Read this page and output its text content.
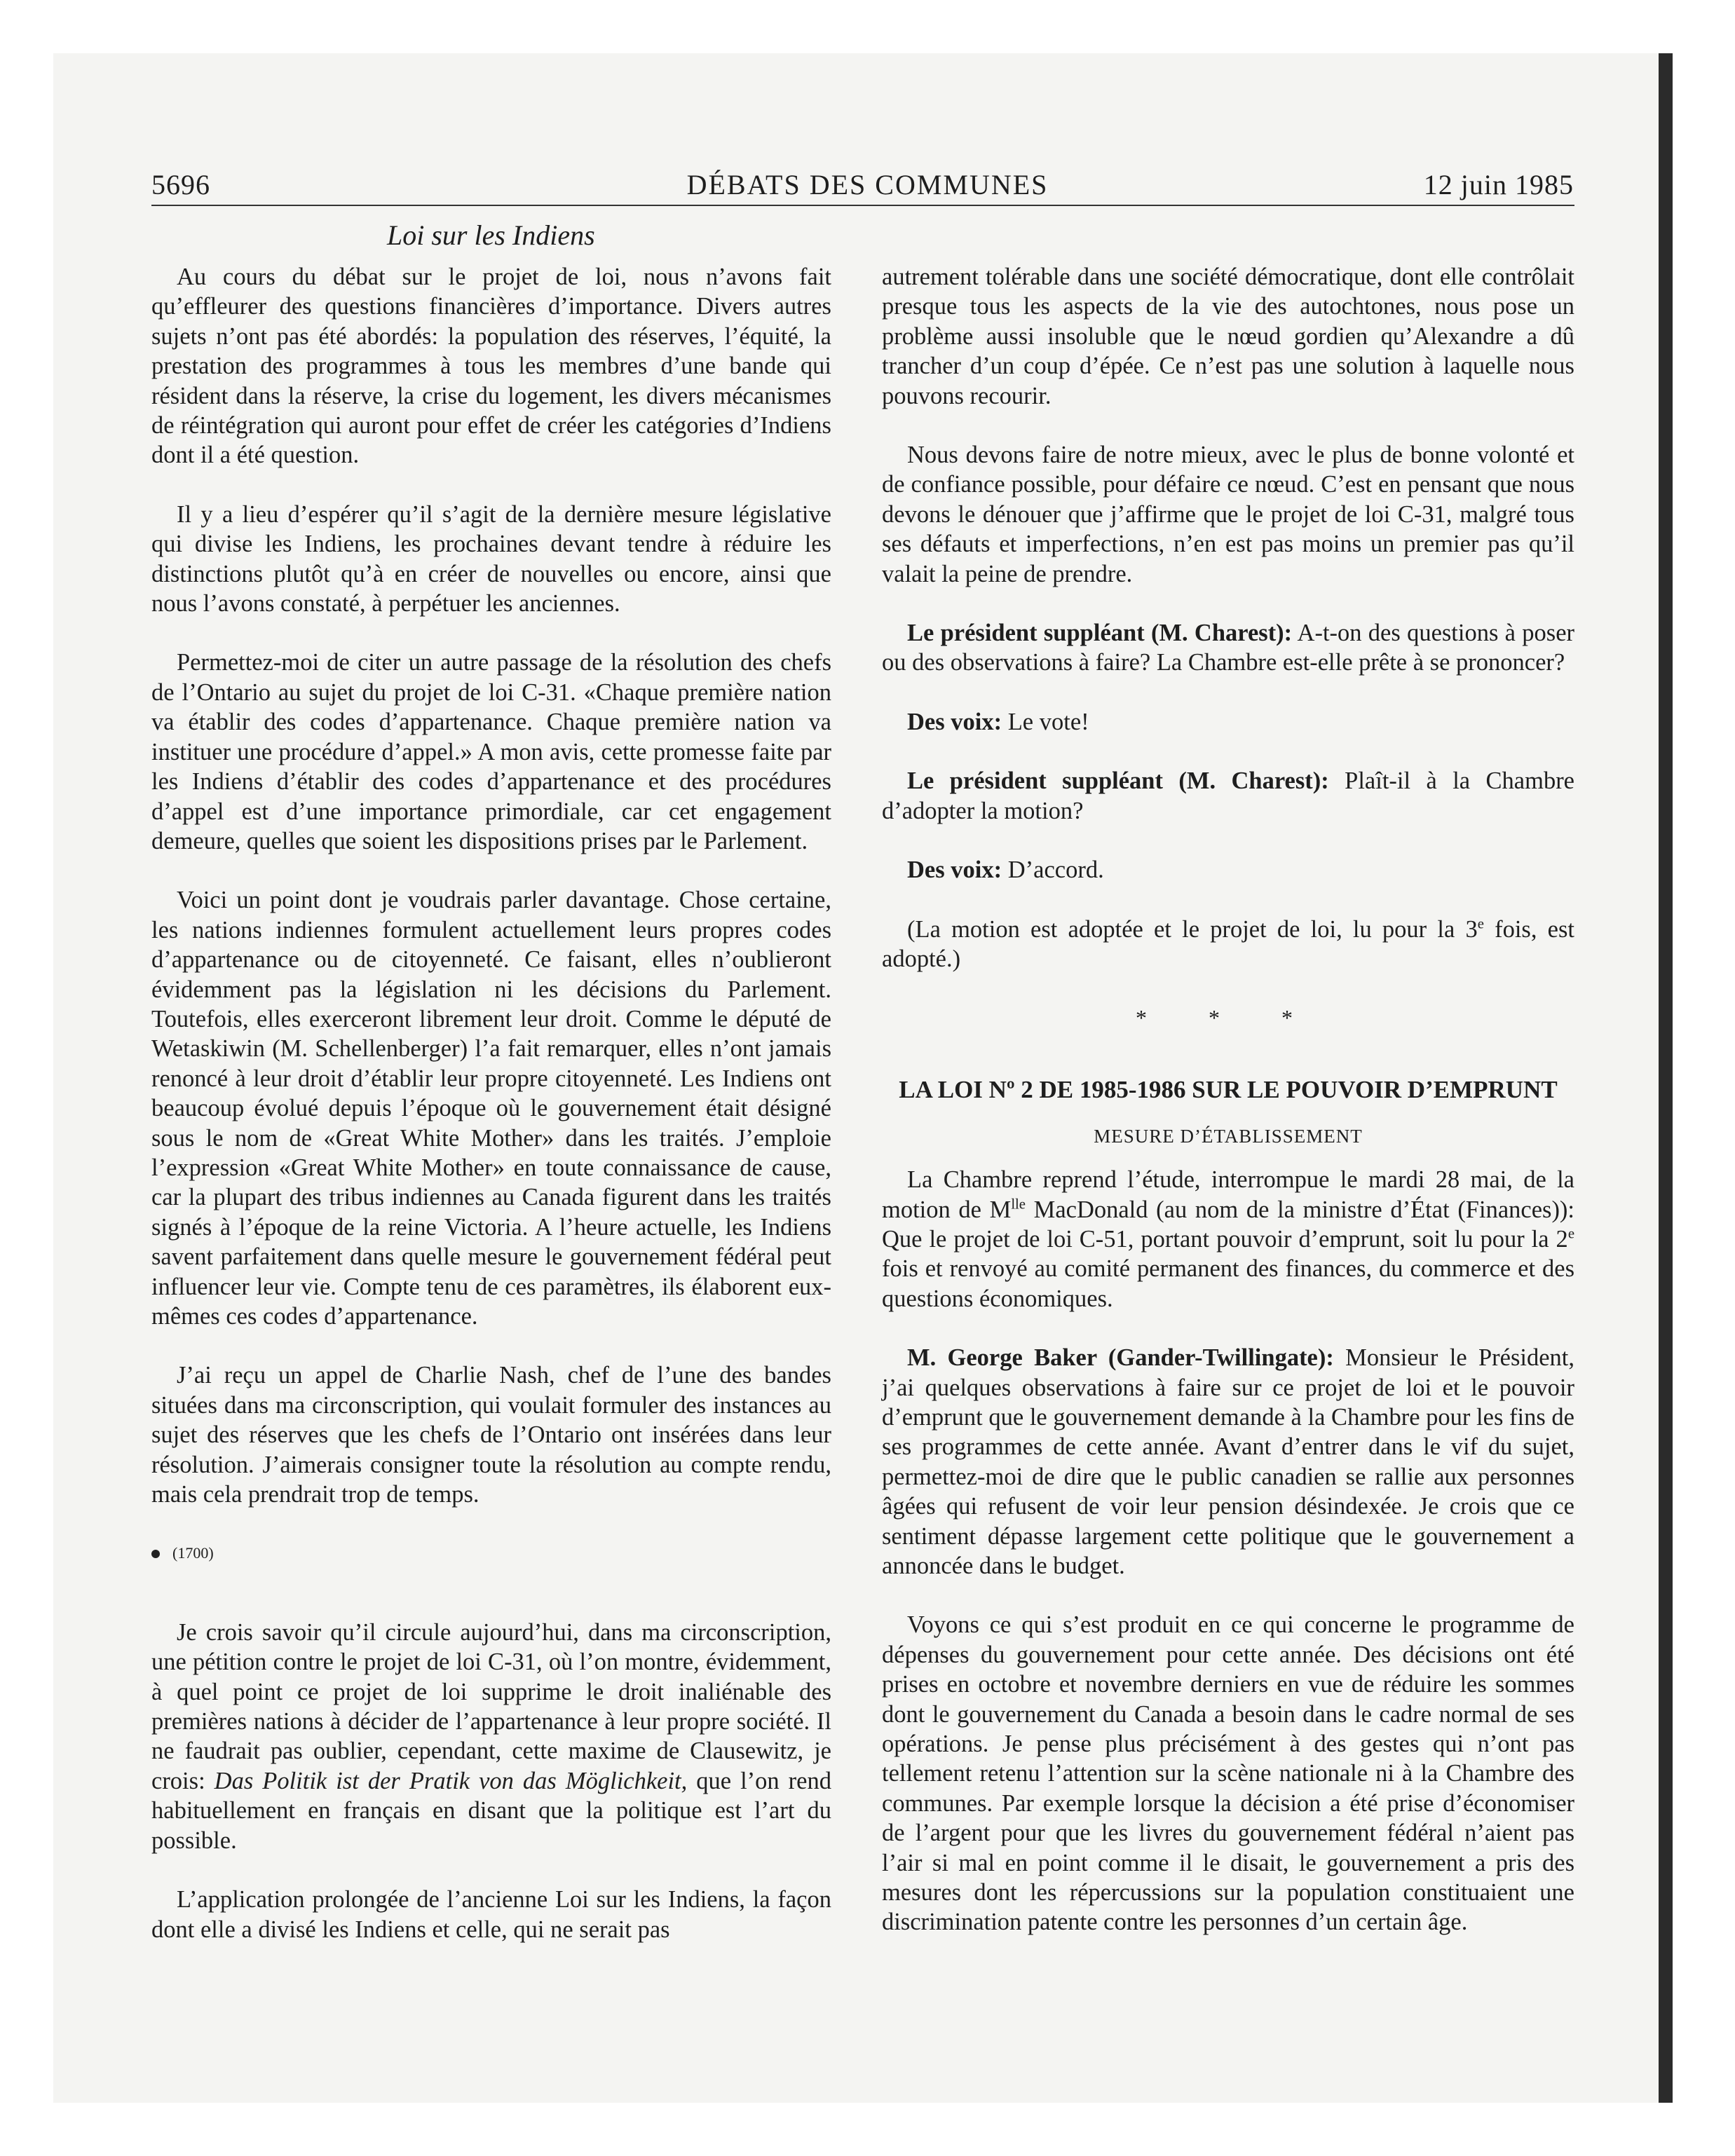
5696	DÉBATS DES COMMUNES	12 juin 1985
Loi sur les Indiens

Au cours du débat sur le projet de loi, nous n’avons fait qu’effleurer des questions financières d’importance. Divers autres sujets n’ont pas été abordés: la population des réserves, l’équité, la prestation des programmes à tous les membres d’une bande qui résident dans la réserve, la crise du logement, les divers mécanismes de réintégration qui auront pour effet de créer les catégories d’Indiens dont il a été question.

Il y a lieu d’espérer qu’il s’agit de la dernière mesure législative qui divise les Indiens, les prochaines devant tendre à réduire les distinctions plutôt qu’à en créer de nouvelles ou encore, ainsi que nous l’avons constaté, à perpétuer les anciennes.

Permettez-moi de citer un autre passage de la résolution des chefs de l’Ontario au sujet du projet de loi C-31. «Chaque première nation va établir des codes d’appartenance. Chaque première nation va instituer une procédure d’appel.» A mon avis, cette promesse faite par les Indiens d’établir des codes d’appartenance et des procédures d’appel est d’une importance primordiale, car cet engagement demeure, quelles que soient les dispositions prises par le Parlement.

Voici un point dont je voudrais parler davantage. Chose certaine, les nations indiennes formulent actuellement leurs propres codes d’appartenance ou de citoyenneté. Ce faisant, elles n’oublieront évidemment pas la législation ni les décisions du Parlement. Toutefois, elles exerceront librement leur droit. Comme le député de Wetaskiwin (M. Schellenberger) l’a fait remarquer, elles n’ont jamais renoncé à leur droit d’établir leur propre citoyenneté. Les Indiens ont beaucoup évolué depuis l’époque où le gouvernement était désigné sous le nom de «Great White Mother» dans les traités. J’emploie l’expression «Great White Mother» en toute connaissance de cause, car la plupart des tribus indiennes au Canada figurent dans les traités signés à l’époque de la reine Victoria. A l’heure actuelle, les Indiens savent parfaitement dans quelle mesure le gouvernement fédéral peut influencer leur vie. Compte tenu de ces paramètres, ils élaborent eux-mêmes ces codes d’appartenance.

J’ai reçu un appel de Charlie Nash, chef de l’une des bandes situées dans ma circonscription, qui voulait formuler des instances au sujet des réserves que les chefs de l’Ontario ont insérées dans leur résolution. J’aimerais consigner toute la résolution au compte rendu, mais cela prendrait trop de temps.

(1700)

Je crois savoir qu’il circule aujourd’hui, dans ma circonscription, une pétition contre le projet de loi C-31, où l’on montre, évidemment, à quel point ce projet de loi supprime le droit inaliénable des premières nations à décider de l’appartenance à leur propre société. Il ne faudrait pas oublier, cependant, cette maxime de Clausewitz, je crois: Das Politik ist der Pratik von das Möglichkeit, que l’on rend habituellement en français en disant que la politique est l’art du possible.

L’application prolongée de l’ancienne Loi sur les Indiens, la façon dont elle a divisé les Indiens et celle, qui ne serait pas

autrement tolérable dans une société démocratique, dont elle contrôlait presque tous les aspects de la vie des autochtones, nous pose un problème aussi insoluble que le nœud gordien qu’Alexandre a dû trancher d’un coup d’épée. Ce n’est pas une solution à laquelle nous pouvons recourir.

Nous devons faire de notre mieux, avec le plus de bonne volonté et de confiance possible, pour défaire ce nœud. C’est en pensant que nous devons le dénouer que j’affirme que le projet de loi C-31, malgré tous ses défauts et imperfections, n’en est pas moins un premier pas qu’il valait la peine de prendre.

Le président suppléant (M. Charest): A-t-on des questions à poser ou des observations à faire? La Chambre est-elle prête à se prononcer?

Des voix: Le vote!

Le président suppléant (M. Charest): Plaît-il à la Chambre d’adopter la motion?

Des voix: D’accord.

(La motion est adoptée et le projet de loi, lu pour la 3e fois, est adopté.)

* * *
LA LOI Nº 2 DE 1985-1986 SUR LE POUVOIR D’EMPRUNT
MESURE D’ÉTABLISSEMENT

La Chambre reprend l’étude, interrompue le mardi 28 mai, de la motion de $M^{lle}$ MacDonald (au nom de la ministre d’État (Finances)): Que le projet de loi C-51, portant pouvoir d’emprunt, soit lu pour la 2e fois et renvoyé au comité permanent des finances, du commerce et des questions économiques.

M. George Baker (Gander-Twillingate): Monsieur le Président, j’ai quelques observations à faire sur ce projet de loi et le pouvoir d’emprunt que le gouvernement demande à la Chambre pour les fins de ses programmes de cette année. Avant d’entrer dans le vif du sujet, permettez-moi de dire que le public canadien se rallie aux personnes âgées qui refusent de voir leur pension désindexée. Je crois que ce sentiment dépasse largement cette politique que le gouvernement a annoncée dans le budget.

Voyons ce qui s’est produit en ce qui concerne le programme de dépenses du gouvernement pour cette année. Des décisions ont été prises en octobre et novembre derniers en vue de réduire les sommes dont le gouvernement du Canada a besoin dans le cadre normal de ses opérations. Je pense plus précisément à des gestes qui n’ont pas tellement retenu l’attention sur la scène nationale ni à la Chambre des communes. Par exemple lorsque la décision a été prise d’économiser de l’argent pour que les livres du gouvernement fédéral n’aient pas l’air si mal en point comme il le disait, le gouvernement a pris des mesures dont les répercussions sur la population constituaient une discrimination patente contre les personnes d’un certain âge.
